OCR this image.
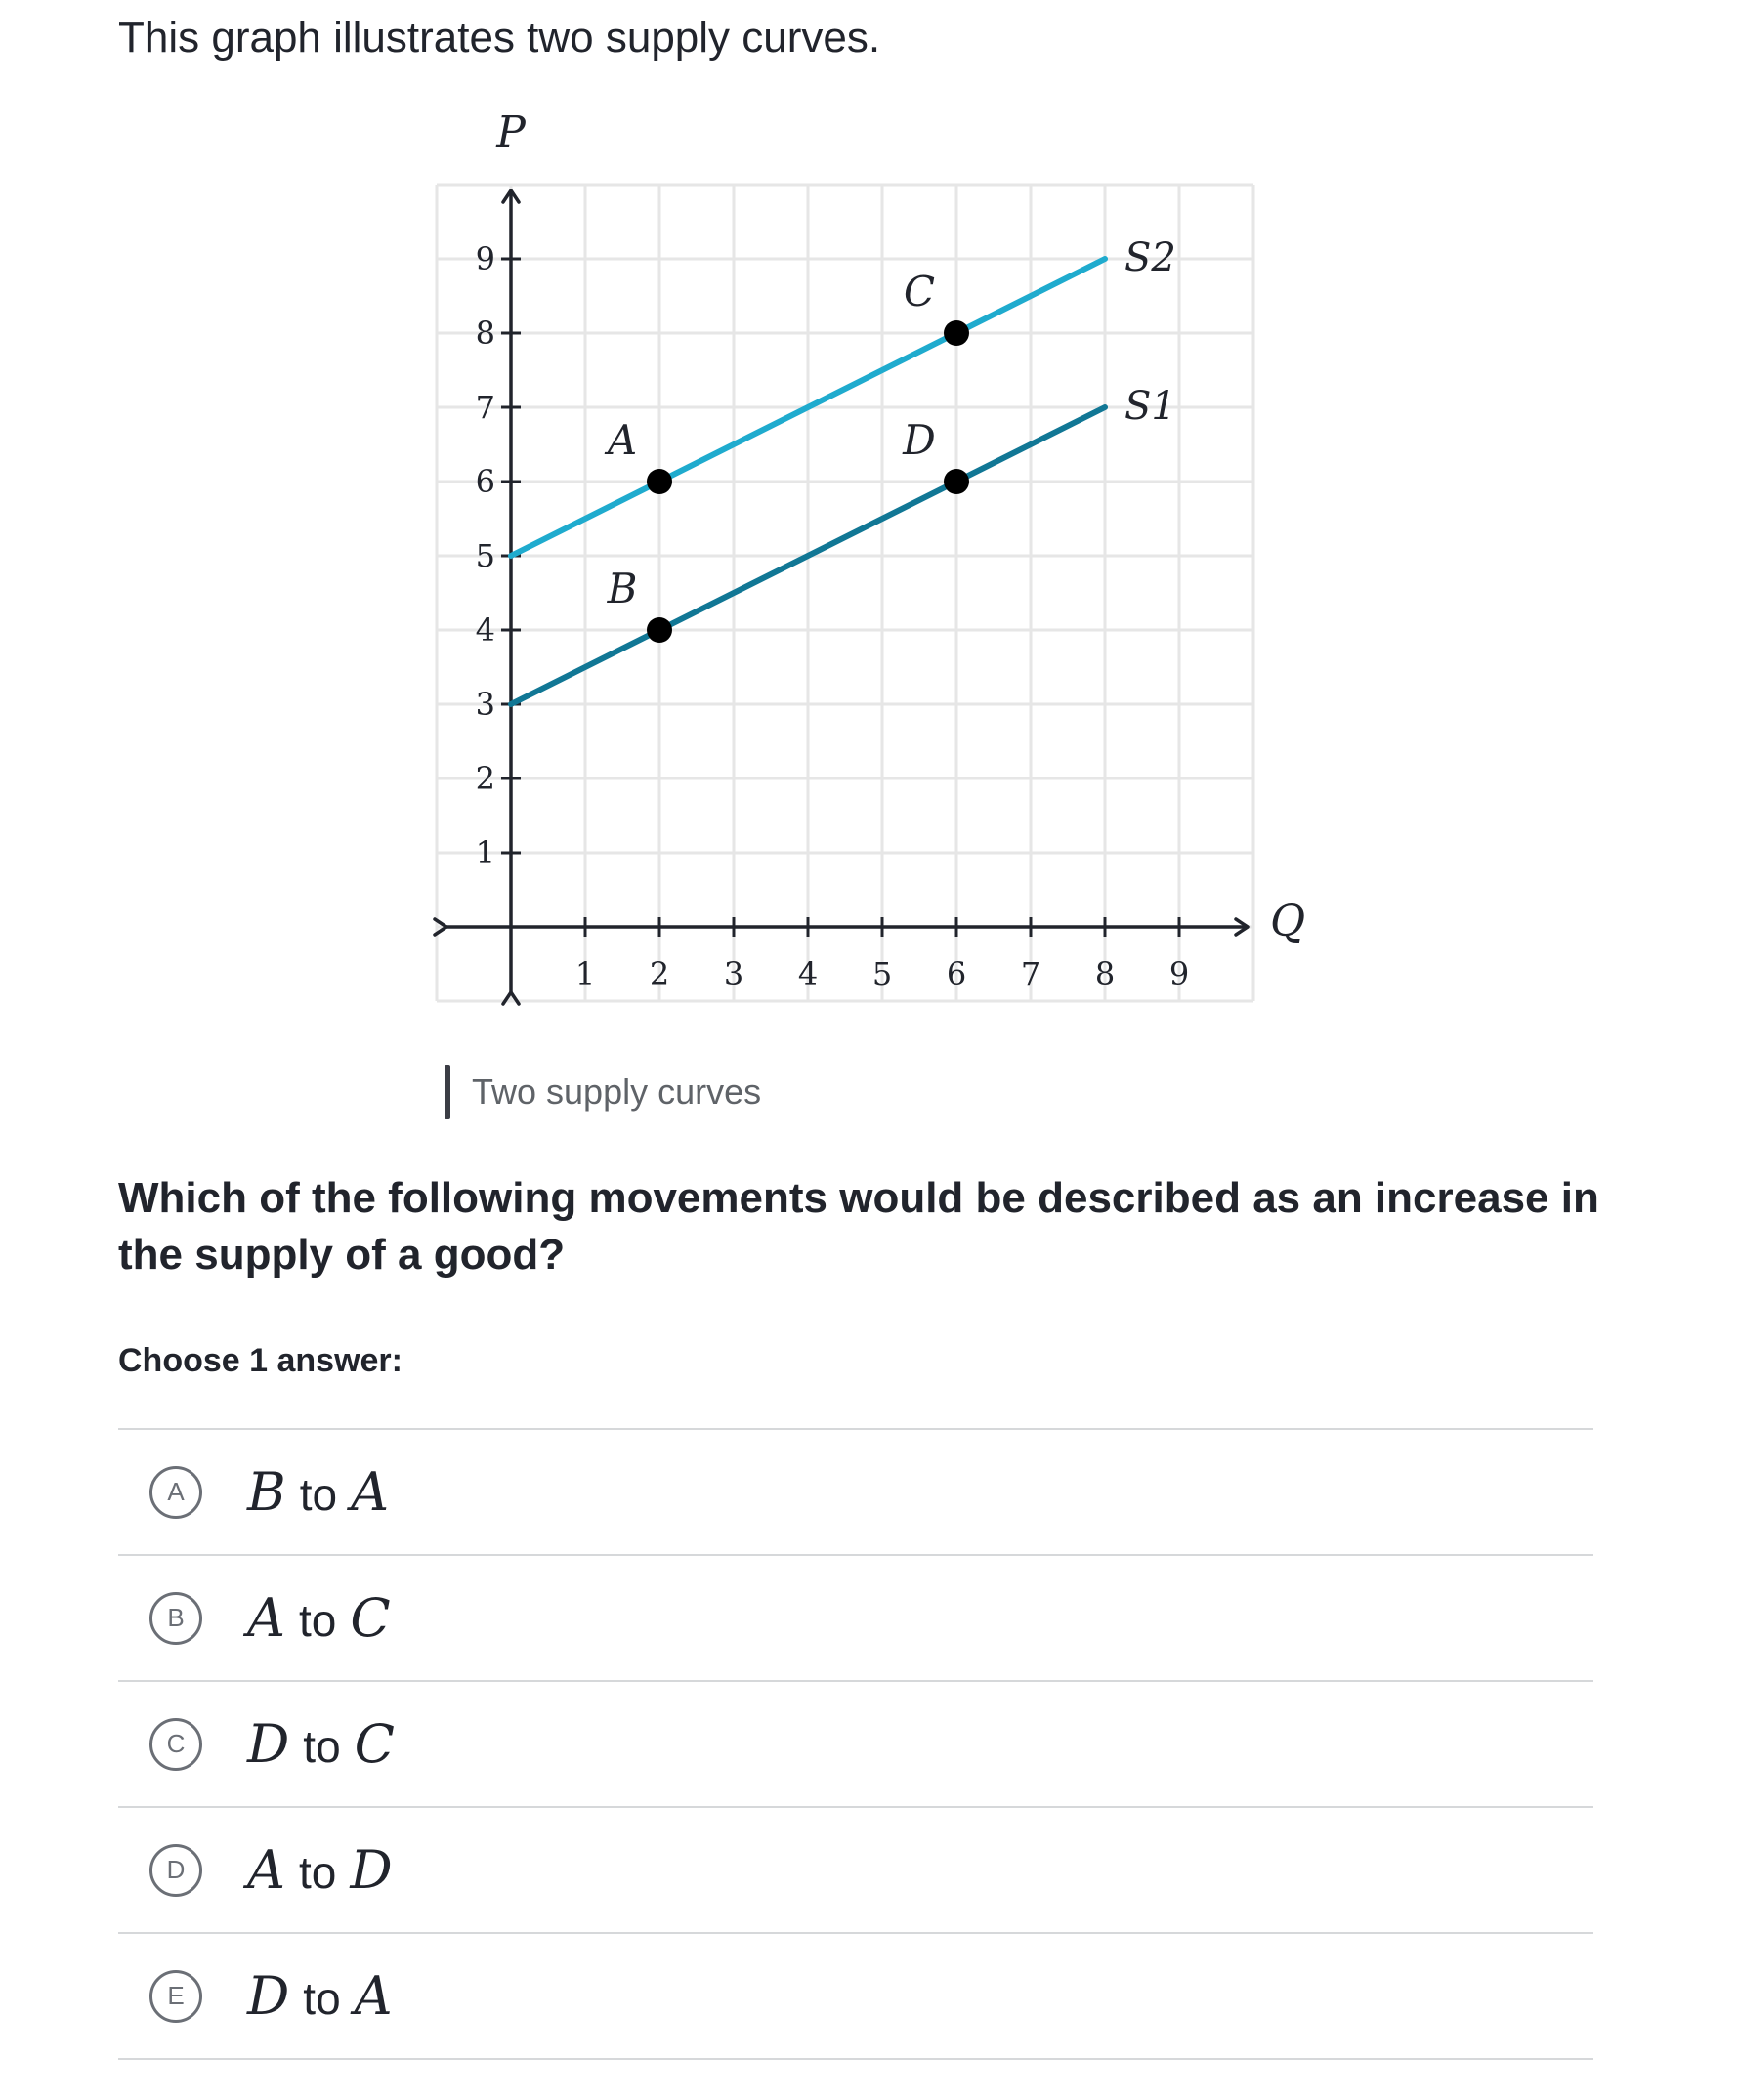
This graph illustrates two supply curves.

1 2 3 4 5 6 7 8 9
1
2
3
4
5
6
7
8
9	S2
S1
A
B
C
D
P
Q
Two supply curves

Which of the following movements would be described as an increase in the supply of a good?

Choose 1 answer:

A	B to A
B	A to C
C	D to C
D	A to D
E	D to A
